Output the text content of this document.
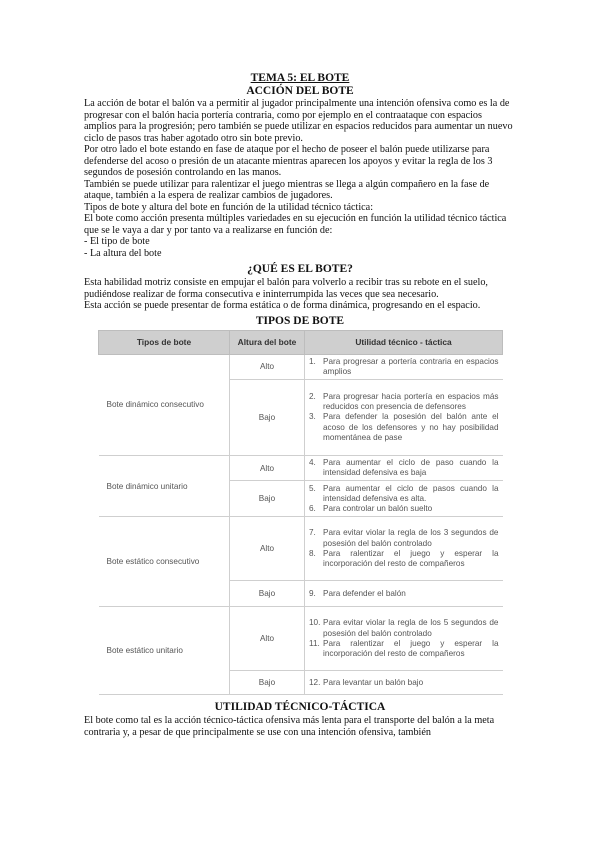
TEMA 5: EL BOTE
ACCIÓN DEL BOTE

La acción de botar el balón va a permitir al jugador principalmente una intención ofensiva como es la de progresar con el balón hacia portería contraria, como por ejemplo en el contraataque con espacios amplios para la progresión; pero también se puede utilizar en espacios reducidos para aumentar un nuevo ciclo de pasos tras haber agotado otro sin bote previo.

Por otro lado el bote estando en fase de ataque por el hecho de poseer el balón puede utilizarse para defenderse del acoso o presión de un atacante mientras aparecen los apoyos y evitar la regla de los 3 segundos de posesión controlando en las manos.

También se puede utilizar para ralentizar el juego mientras se llega a algún compañero en la fase de ataque, también a la espera de realizar cambios de jugadores.

Tipos de bote y altura del bote en función de la utilidad técnico táctica:

El bote como acción presenta múltiples variedades en su ejecución en función la utilidad técnico táctica que se le vaya a dar y por tanto va a realizarse en función de:

- El tipo de bote

- La altura del bote

¿QUÉ ES EL BOTE?

Esta habilidad motriz consiste en empujar el balón para volverlo a recibir tras su rebote en el suelo, pudiéndose realizar de forma consecutiva e ininterrumpida las veces que sea necesario.

Esta acción se puede presentar de forma estática o de forma dinámica, progresando en el espacio.

TIPOS DE BOTE
Tipos de bote	Altura del bote	Utilidad técnico - táctica
Bote dinámico consecutivo	Alto	1. Para progresar a portería contraria en espacios amplios

	Bajo	2. Para progresar hacia portería en espacios más reducidos con presencia de defensores
3. Para defender la posesión del balón ante el acoso de los defensores y no hay posibilidad momentánea de pase

Bote dinámico unitario	Alto	4. Para aumentar el ciclo de paso cuando la intensidad defensiva es baja

	Bajo	5. Para aumentar el ciclo de pasos cuando la intensidad defensiva es alta.
6. Para controlar un balón suelto

Bote estático consecutivo	Alto	7. Para evitar violar la regla de los 3 segundos de posesión del balón controlado
8. Para ralentizar el juego y esperar la incorporación del resto de compañeros

	Bajo	9. Para defender el balón

Bote estático unitario	Alto	10. Para evitar violar la regla de los 5 segundos de posesión del balón controlado
11. Para ralentizar el juego y esperar la incorporación del resto de compañeros

	Bajo	12. Para levantar un balón bajo
UTILIDAD TÉCNICO-TÁCTICA

El bote como tal es la acción técnico-táctica ofensiva más lenta para el transporte del balón a la meta contraria y, a pesar de que principalmente se use con una intención ofensiva, también
